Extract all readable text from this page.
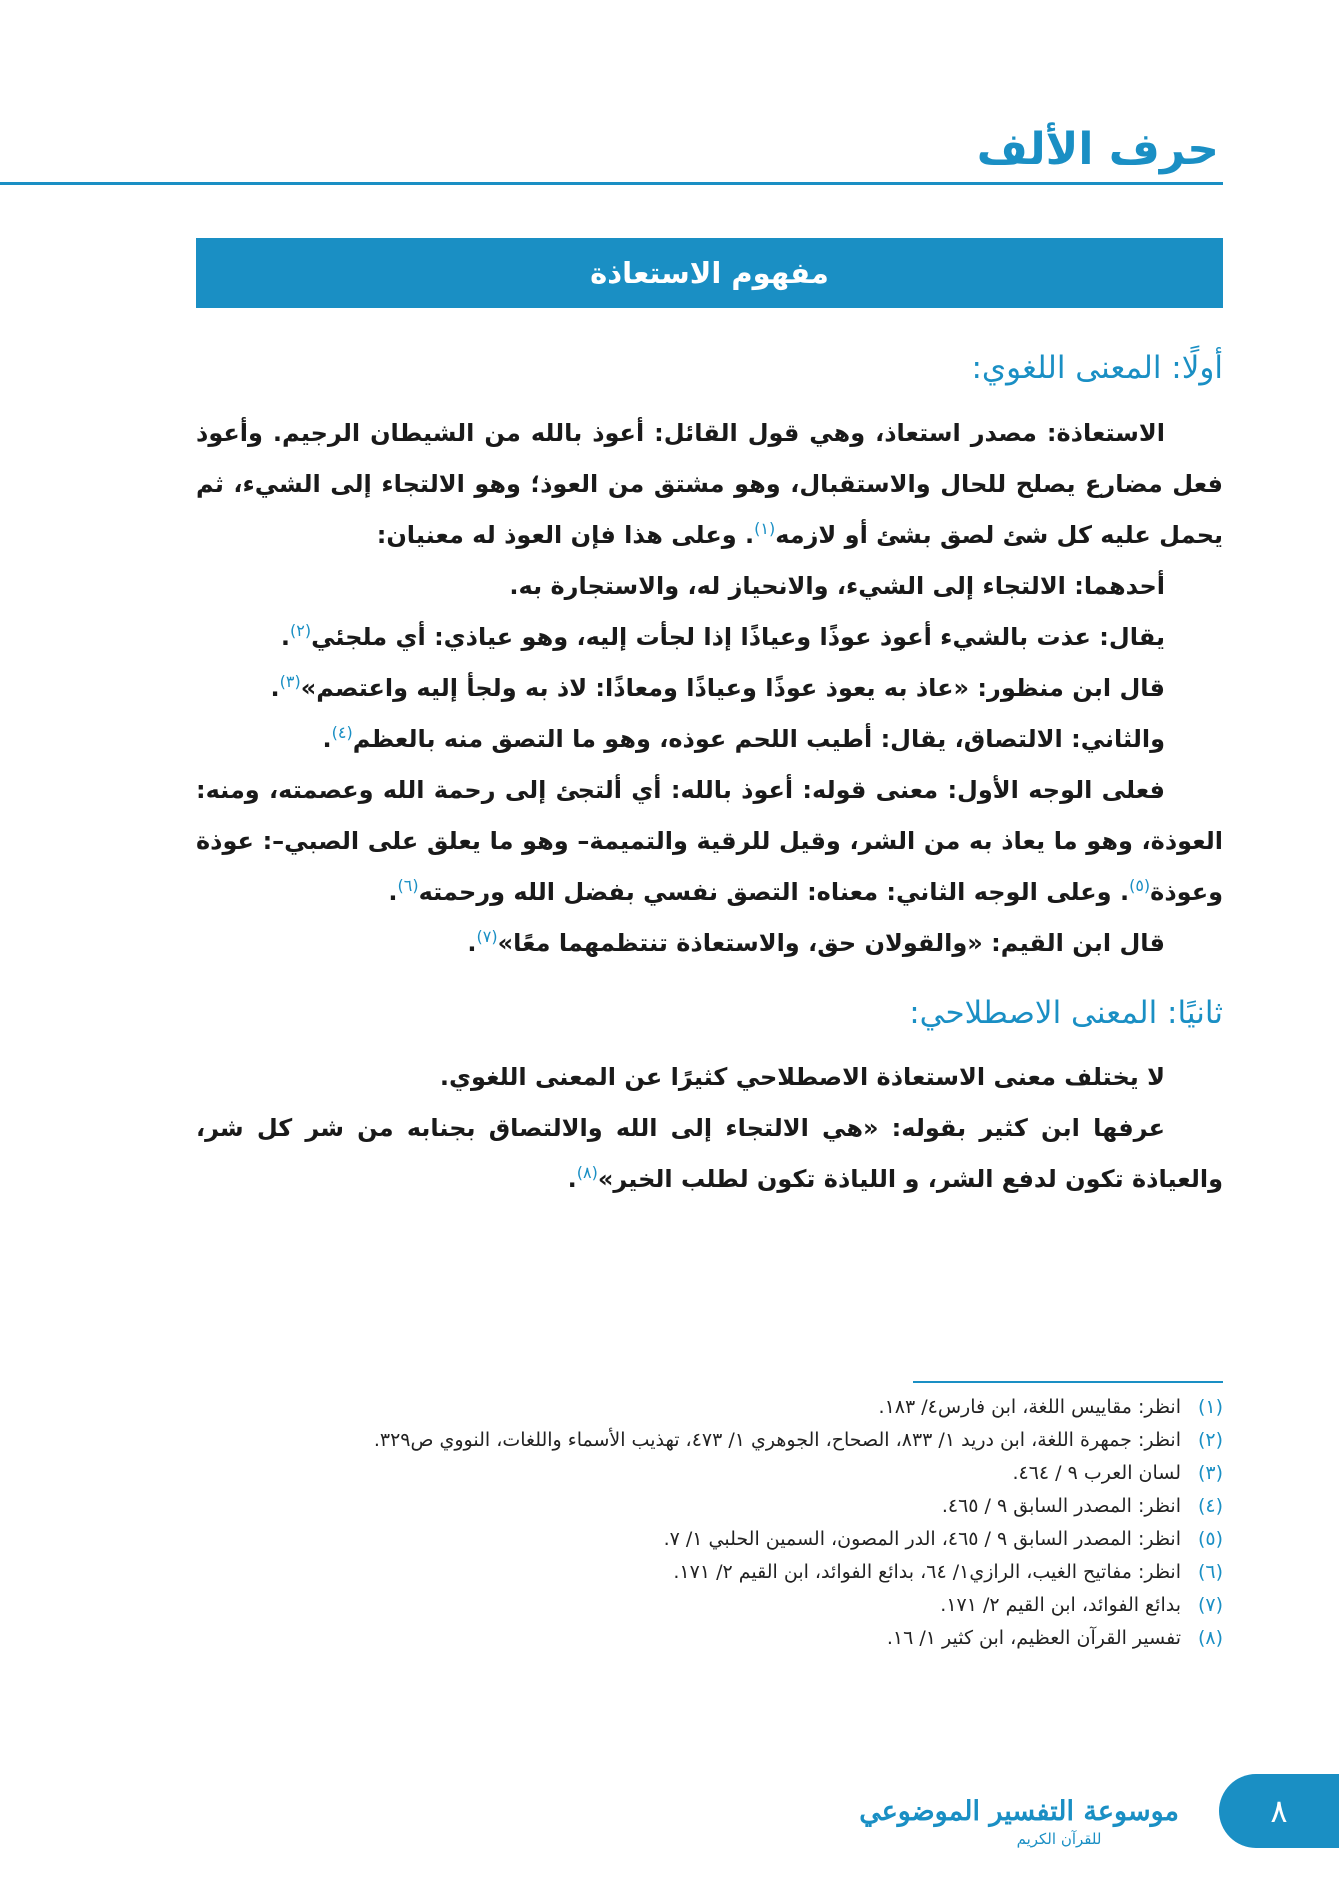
حرف الألف
مفهوم الاستعاذة
أولًا: المعنى اللغوي:

الاستعاذة: مصدر استعاذ، وهي قول القائل: أعوذ بالله من الشيطان الرجيم. وأعوذ فعل مضارع يصلح للحال والاستقبال، وهو مشتق من العوذ؛ وهو الالتجاء إلى الشيء، ثم يحمل عليه كل شئ لصق بشئ أو لازمه$^{(١)}$. وعلى هذا فإن العوذ له معنيان:

أحدهما: الالتجاء إلى الشيء، والانحياز له، والاستجارة به.

يقال: عذت بالشيء أعوذ عوذًا وعياذًا إذا لجأت إليه، وهو عياذي: أي ملجئي$^{(٢)}$.

قال ابن منظور: «عاذ به يعوذ عوذًا وعياذًا ومعاذًا: لاذ به ولجأ إليه واعتصم»$^{(٣)}$.

والثاني: الالتصاق، يقال: أطيب اللحم عوذه، وهو ما التصق منه بالعظم$^{(٤)}$.

فعلى الوجه الأول: معنى قوله: أعوذ بالله: أي ألتجئ إلى رحمة الله وعصمته، ومنه: العوذة، وهو ما يعاذ به من الشر، وقيل للرقية والتميمة– وهو ما يعلق على الصبي–: عوذة وعوذة$^{(٥)}$. وعلى الوجه الثاني: معناه: التصق نفسي بفضل الله ورحمته$^{(٦)}$.

قال ابن القيم: «والقولان حق، والاستعاذة تنتظمهما معًا»$^{(٧)}$.

ثانيًا: المعنى الاصطلاحي:

لا يختلف معنى الاستعاذة الاصطلاحي كثيرًا عن المعنى اللغوي.

عرفها ابن كثير بقوله: «هي الالتجاء إلى الله والالتصاق بجنابه من شر كل شر، والعياذة تكون لدفع الشر، و اللياذة تكون لطلب الخير»$^{(٨)}$.

(١)
انظر: مقاييس اللغة، ابن فارس٤/ ١٨٣.
(٢)
انظر: جمهرة اللغة، ابن دريد ١/ ٨٣٣، الصحاح، الجوهري ١/ ٤٧٣، تهذيب الأسماء واللغات، النووي ص٣٢٩.
(٣)
لسان العرب ٩ / ٤٦٤.
(٤)
انظر: المصدر السابق ٩ / ٤٦٥.
(٥)
انظر: المصدر السابق ٩ / ٤٦٥، الدر المصون، السمين الحلبي ١/ ٧.
(٦)
انظر: مفاتيح الغيب، الرازي١/ ٦٤، بدائع الفوائد، ابن القيم ٢/ ١٧١.
(٧)
بدائع الفوائد، ابن القيم ٢/ ١٧١.
(٨)
تفسير القرآن العظيم، ابن كثير ١/ ١٦.
موسوعة التفسير الموضوعي
للقرآن الكريم
٨
